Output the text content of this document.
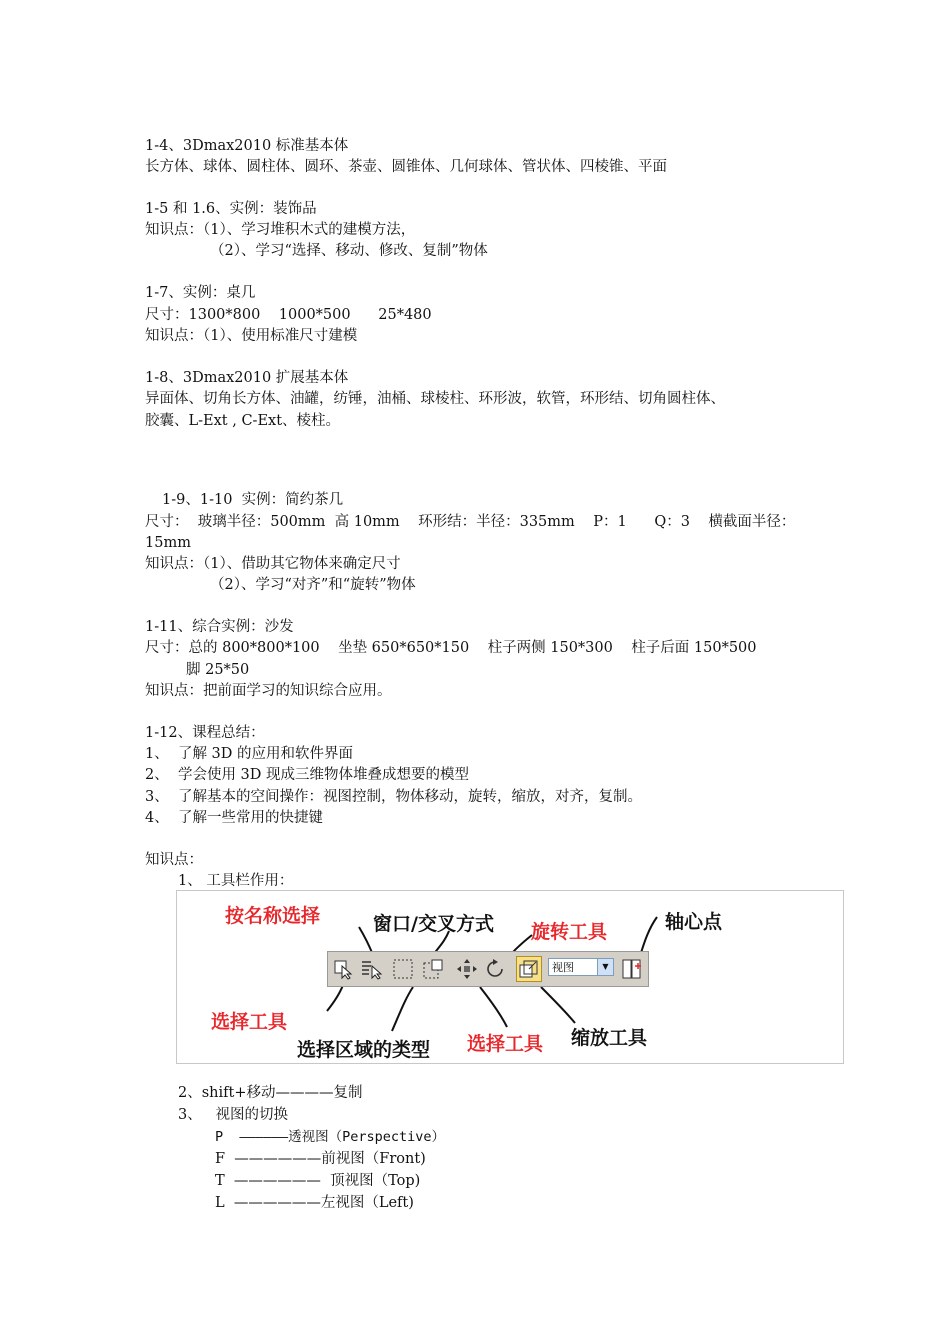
1-4、3Dmax2010 标准基本体
长方体、球体、圆柱体、圆环、茶壶、圆锥体、几何球体、管状体、四棱锥、平面
1-5 和 1.6、实例：装饰品
知识点：（1）、学习堆积木式的建模方法，
（2）、学习“选择、移动、修改、复制”物体
1-7、实例：桌几
尺寸：1300*800    1000*500      25*480
知识点：（1）、使用标准尺寸建模
1-8、3Dmax2010 扩展基本体
异面体、切角长方体、油罐，纺锤，油桶、球棱柱、环形波，软管，环形结、切角圆柱体、
胶囊、L-Ext , C-Ext、棱柱。
1-9、1-10  实例：简约茶几
尺寸：  玻璃半径：500mm  高 10mm    环形结：半径：335mm    P：1      Q：3    横截面半径：
15mm
知识点：（1）、借助其它物体来确定尺寸
（2）、学习“对齐”和“旋转”物体
1-11、综合实例：沙发
尺寸：总的 800*800*100    坐垫 650*650*150    柱子两侧 150*300    柱子后面 150*500
脚 25*50
知识点：把前面学习的知识综合应用。
1-12、课程总结：
1、  了解 3D 的应用和软件界面
2、  学会使用 3D 现成三维物体堆叠成想要的模型
3、  了解基本的空间操作：视图控制，物体移动，旋转，缩放，对齐，复制。
4、  了解一些常用的快捷键
知识点：
1、 工具栏作用：
按名称选择	窗口/交叉方式 旋转工具	轴心点
视图	▼
选择工具
选择区域的类型 选择工具 缩放工具
2、shift+移动————复制
3、   视图的切换
P  ——————透视图（Perspective）
F  ——————前视图（Front)
T  ——————  顶视图（Top)
L  ——————左视图（Left)
